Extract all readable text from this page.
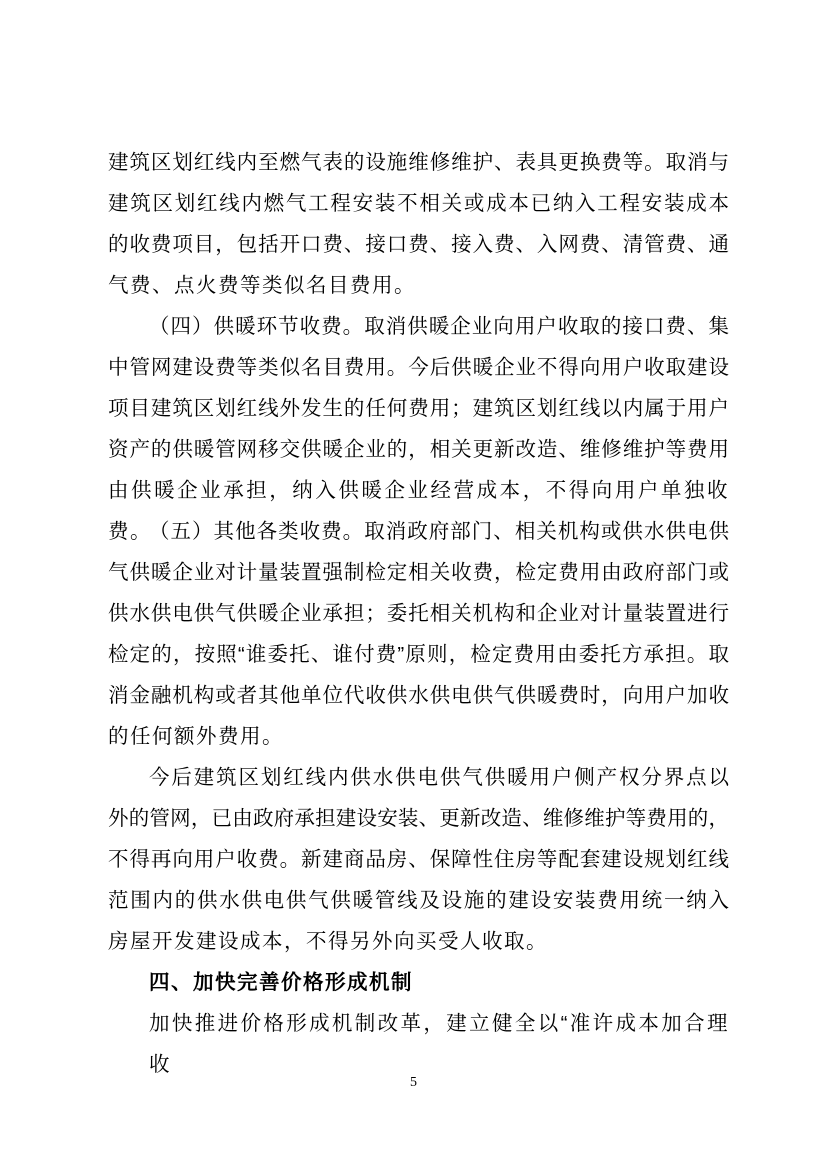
建筑区划红线内至燃气表的设施维修维护、表具更换费等。取消与
建筑区划红线内燃气工程安装不相关或成本已纳入工程安装成本
的收费项目，包括开口费、接口费、接入费、入网费、清管费、通
气费、点火费等类似名目费用。
（四）供暖环节收费。取消供暖企业向用户收取的接口费、集
中管网建设费等类似名目费用。今后供暖企业不得向用户收取建设
项目建筑区划红线外发生的任何费用；建筑区划红线以内属于用户
资产的供暖管网移交供暖企业的，相关更新改造、维修维护等费用
由供暖企业承担，纳入供暖企业经营成本，不得向用户单独收费。
（五）其他各类收费。取消政府部门、相关机构或供水供电供
气供暖企业对计量装置强制检定相关收费，检定费用由政府部门或
供水供电供气供暖企业承担；委托相关机构和企业对计量装置进行
检定的，按照“谁委托、谁付费”原则，检定费用由委托方承担。取
消金融机构或者其他单位代收供水供电供气供暖费时，向用户加收
的任何额外费用。
今后建筑区划红线内供水供电供气供暖用户侧产权分界点以
外的管网，已由政府承担建设安装、更新改造、维修维护等费用的，
不得再向用户收费。新建商品房、保障性住房等配套建设规划红线
范围内的供水供电供气供暖管线及设施的建设安装费用统一纳入
房屋开发建设成本，不得另外向买受人收取。
四、加快完善价格形成机制
加快推进价格形成机制改革，建立健全以“准许成本加合理收
5
